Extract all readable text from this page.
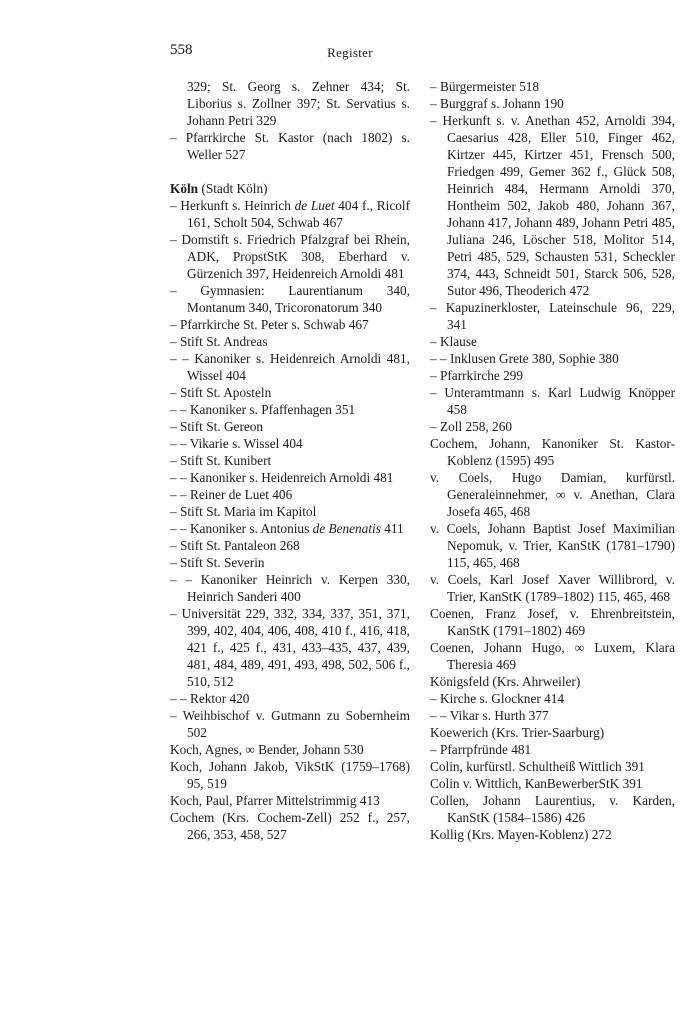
558	Register
329; St. Georg s. Zehner 434; St. Liborius s. Zollner 397; St. Servatius s. Johann Petri 329
– Pfarrkirche St. Kastor (nach 1802) s. Weller 527
Köln (Stadt Köln)
– Herkunft s. Heinrich de Luet 404 f., Ricolf 161, Scholt 504, Schwab 467
– Domstift s. Friedrich Pfalzgraf bei Rhein, ADK, PropstStK 308, Eberhard v. Gürzenich 397, Heidenreich Arnoldi 481
– Gymnasien: Laurentianum 340, Montanum 340, Tricoronatorum 340
– Pfarrkirche St. Peter s. Schwab 467
– Stift St. Andreas
– – Kanoniker s. Heidenreich Arnoldi 481, Wissel 404
– Stift St. Aposteln
– – Kanoniker s. Pfaffenhagen 351
– Stift St. Gereon
– – Vikarie s. Wissel 404
– Stift St. Kunibert
– – Kanoniker s. Heidenreich Arnoldi 481
– – Reiner de Luet 406
– Stift St. Maria im Kapitol
– – Kanoniker s. Antonius de Benenatis 411
– Stift St. Pantaleon 268
– Stift St. Severin
– – Kanoniker Heinrich v. Kerpen 330, Heinrich Sanderi 400
– Universität 229, 332, 334, 337, 351, 371, 399, 402, 404, 406, 408, 410 f., 416, 418, 421 f., 425 f., 431, 433–435, 437, 439, 481, 484, 489, 491, 493, 498, 502, 506 f., 510, 512
– – Rektor 420
– Weihbischof v. Gutmann zu Sobernheim 502
Koch, Agnes, ∞ Bender, Johann 530
Koch, Johann Jakob, VikStK (1759–1768) 95, 519
Koch, Paul, Pfarrer Mittelstrimmig 413
Cochem (Krs. Cochem-Zell) 252 f., 257, 266, 353, 458, 527
– Bürgermeister 518
– Burggraf s. Johann 190
– Herkunft s. v. Anethan 452, Arnoldi 394, Caesarius 428, Eller 510, Finger 462, Kirtzer 445, Kirtzer 451, Frensch 500, Friedgen 499, Gemer 362 f., Glück 508, Heinrich 484, Hermann Arnoldi 370, Hontheim 502, Jakob 480, Johann 367, Johann 417, Johann 489, Johann Petri 485, Juliana 246, Löscher 518, Molitor 514, Petri 485, 529, Schausten 531, Scheckler 374, 443, Schneidt 501, Starck 506, 528, Sutor 496, Theoderich 472
– Kapuzinerkloster, Lateinschule 96, 229, 341
– Klause
– – Inklusen Grete 380, Sophie 380
– Pfarrkirche 299
– Unteramtmann s. Karl Ludwig Knöpper 458
– Zoll 258, 260
Cochem, Johann, Kanoniker St. Kastor-Koblenz (1595) 495
v. Coels, Hugo Damian, kurfürstl. Generaleinnehmer, ∞ v. Anethan, Clara Josefa 465, 468
v. Coels, Johann Baptist Josef Maximilian Nepomuk, v. Trier, KanStK (1781–1790) 115, 465, 468
v. Coels, Karl Josef Xaver Willibrord, v. Trier, KanStK (1789–1802) 115, 465, 468
Coenen, Franz Josef, v. Ehrenbreitstein, KanStK (1791–1802) 469
Coenen, Johann Hugo, ∞ Luxem, Klara Theresia 469
Königsfeld (Krs. Ahrweiler)
– Kirche s. Glockner 414
– – Vikar s. Hurth 377
Koewerich (Krs. Trier-Saarburg)
– Pfarrpfründe 481
Colin, kurfürstl. Schultheiß Wittlich 391
Colin v. Wittlich, KanBewerberStK 391
Collen, Johann Laurentius, v. Karden, KanStK (1584–1586) 426
Kollig (Krs. Mayen-Koblenz) 272
